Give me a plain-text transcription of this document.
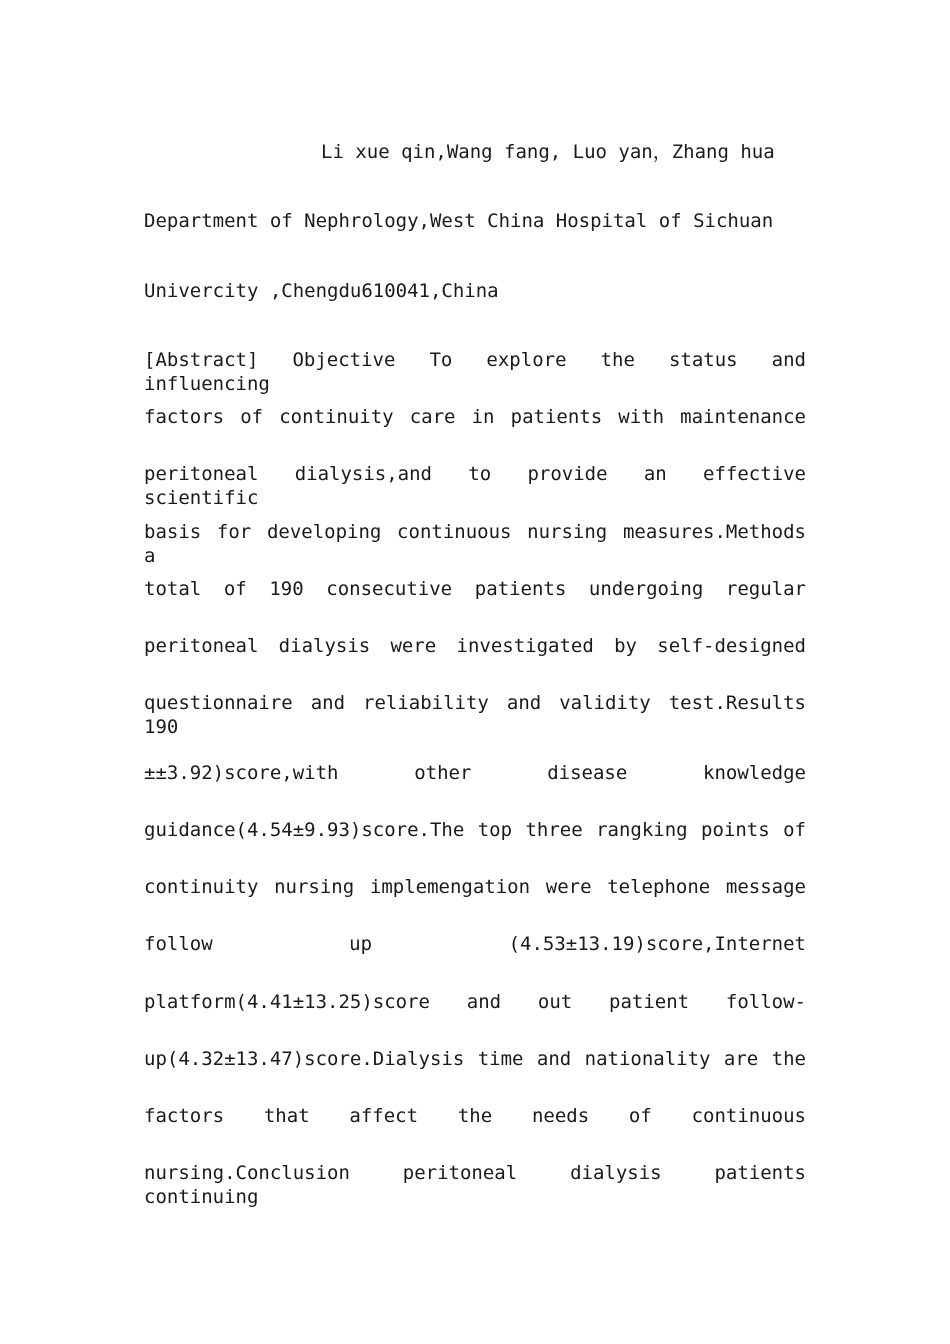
Li xue qin,Wang fang, Luo yan，Zhang hua
Department of Nephrology,West China Hospital of Sichuan
Univercity ,Chengdu610041,China
[Abstract] Objective To explore the status and influencing
factors of continuity care in patients with maintenance
peritoneal dialysis,and to provide an effective scientific
basis for developing continuous nursing measures.Methods a
total of 190 consecutive patients undergoing regular
peritoneal dialysis were investigated by self-designed
questionnaire and reliability and validity test.Results 190
±±3.92)score,with other disease knowledge
guidance(4.54±9.93)score.The top three rangking points of
continuity nursing implemengation were telephone message
follow up (4.53±13.19)score,Internet
platform(4.41±13.25)score and out patient follow-
up(4.32±13.47)score.Dialysis time and nationality are the
factors that affect the needs of continuous
nursing.Conclusion peritoneal dialysis patients continuing
